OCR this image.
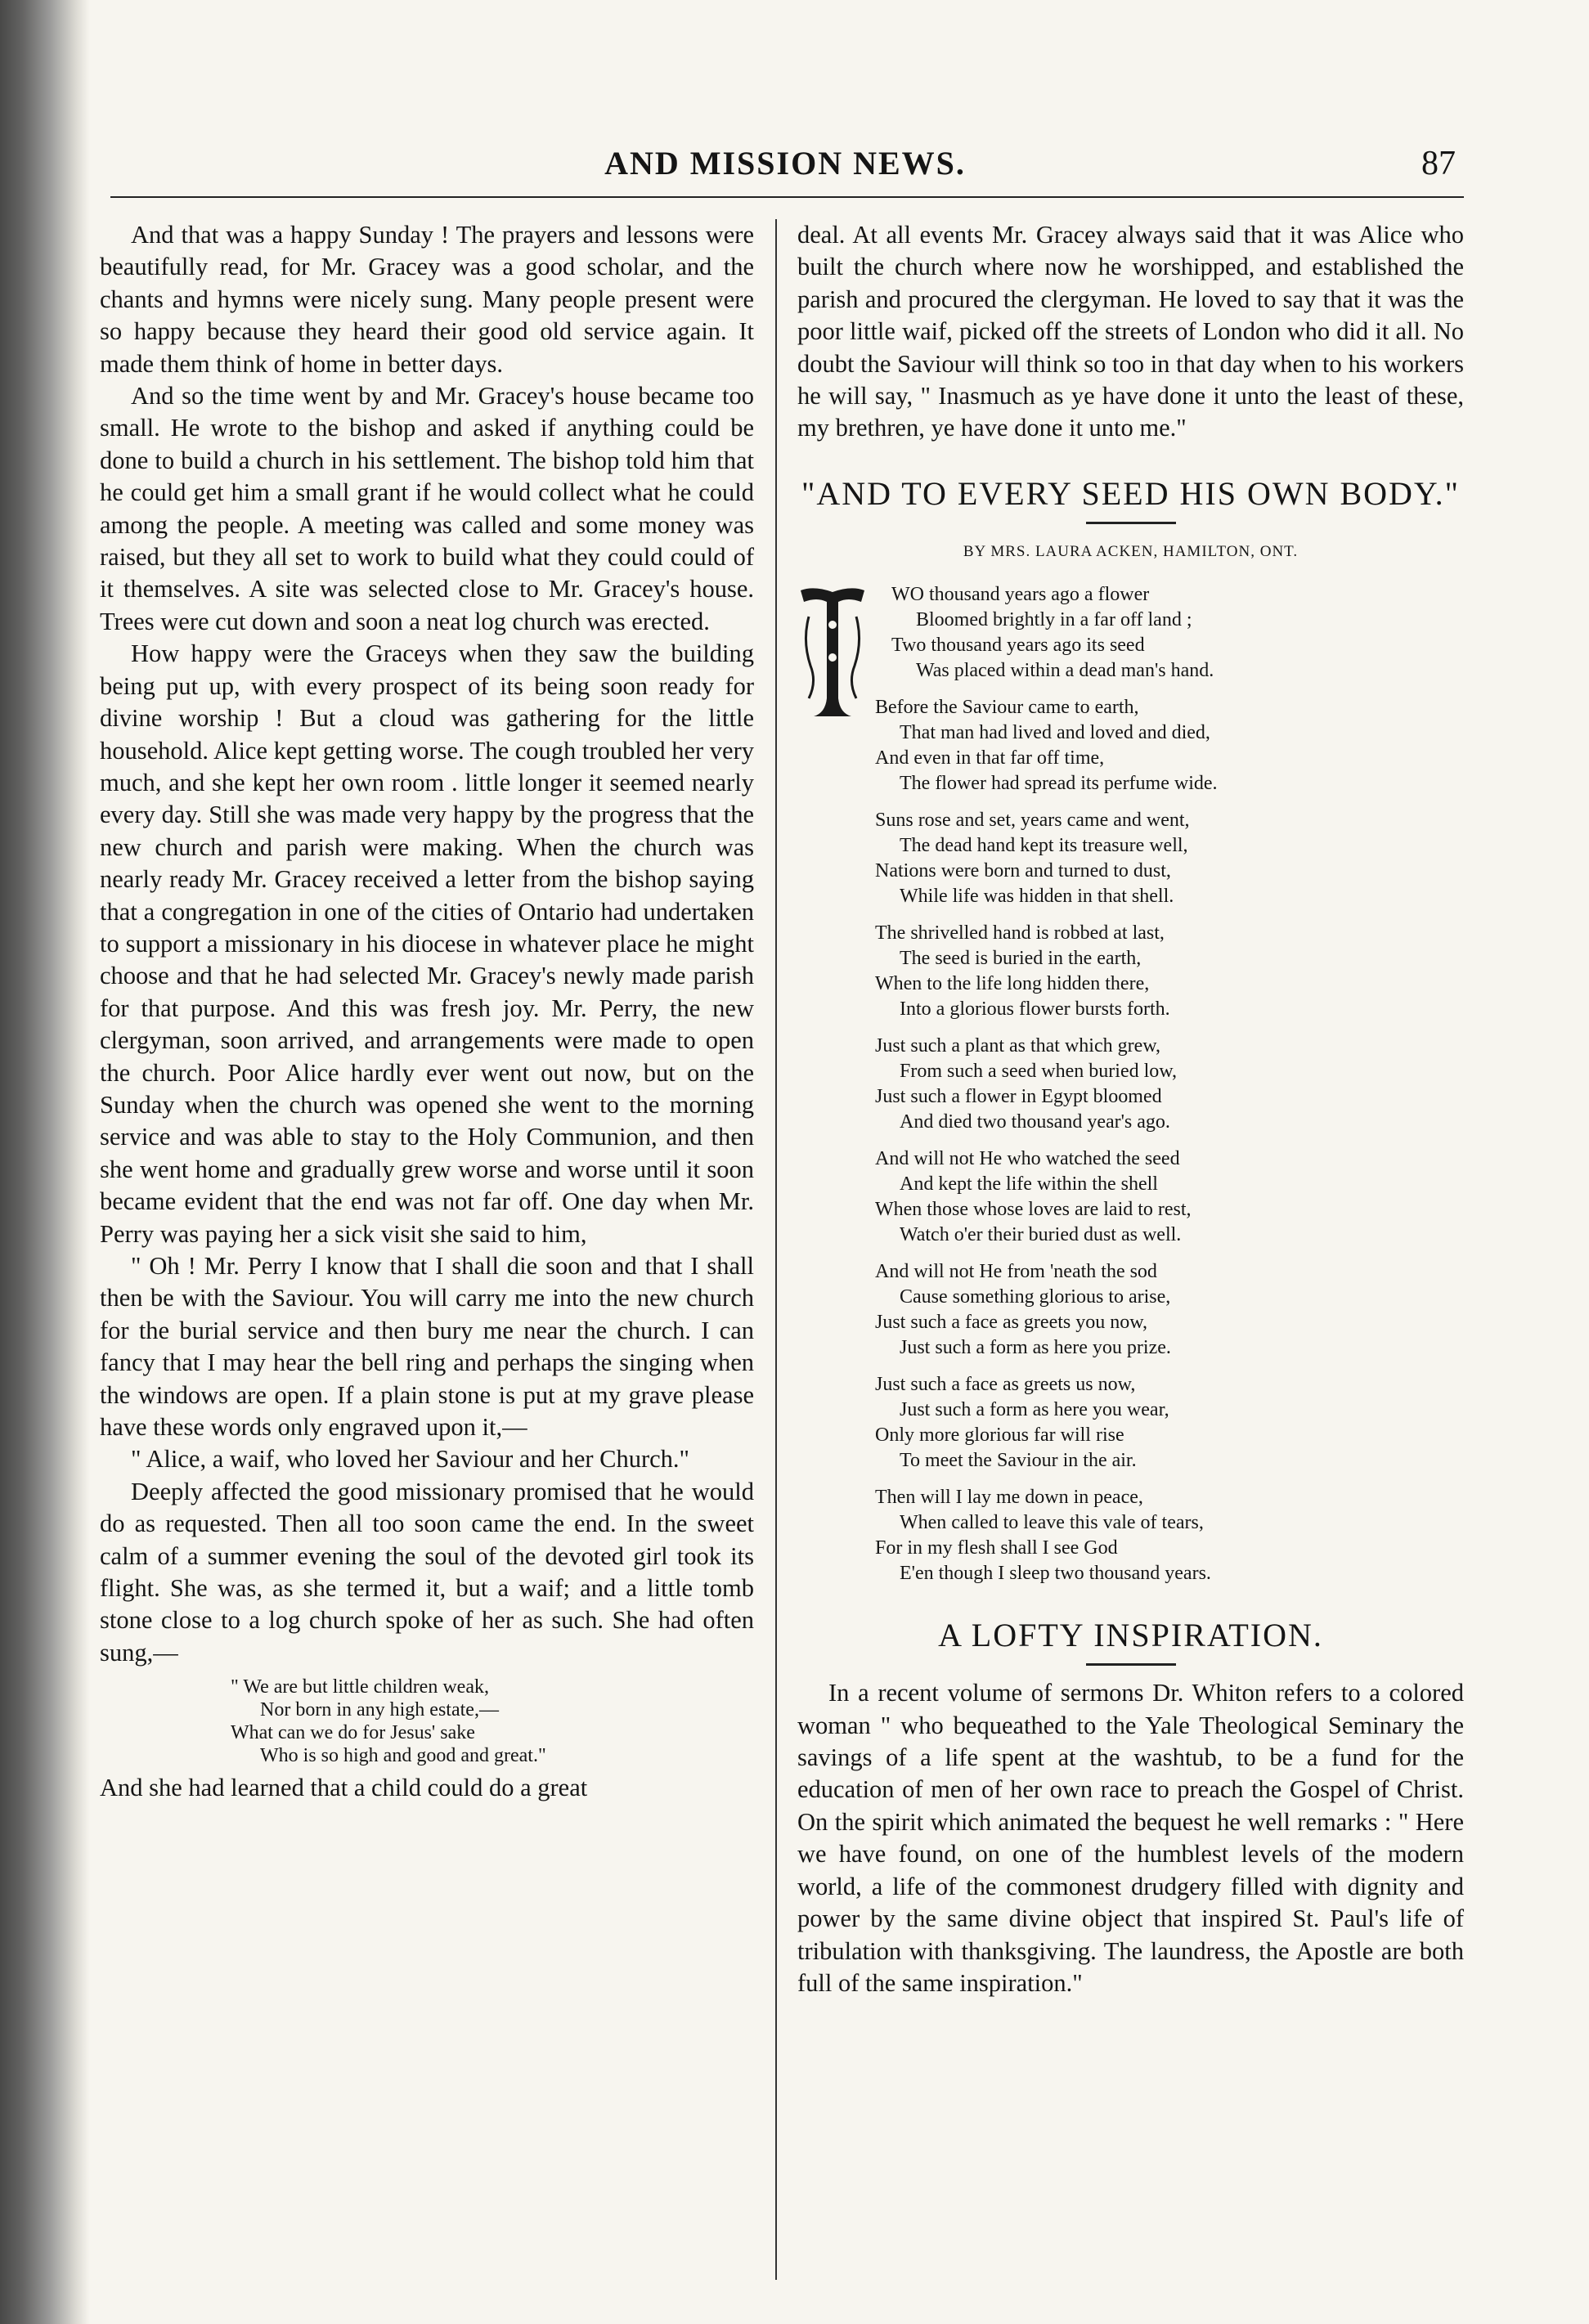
AND MISSION NEWS.	87

And that was a happy Sunday ! The prayers and lessons were beautifully read, for Mr. Gracey was a good scholar, and the chants and hymns were nicely sung. Many people present were so happy because they heard their good old service again. It made them think of home in better days.

And so the time went by and Mr. Gracey's house became too small. He wrote to the bishop and asked if anything could be done to build a church in his settlement. The bishop told him that he could get him a small grant if he would collect what he could among the people. A meeting was called and some money was raised, but they all set to work to build what they could could of it themselves. A site was selected close to Mr. Gracey's house. Trees were cut down and soon a neat log church was erected.

How happy were the Graceys when they saw the building being put up, with every prospect of its being soon ready for divine worship ! But a cloud was gathering for the little household. Alice kept getting worse. The cough troubled her very much, and she kept her own room . little longer it seemed nearly every day. Still she was made very happy by the progress that the new church and parish were making. When the church was nearly ready Mr. Gracey received a letter from the bishop saying that a congregation in one of the cities of Ontario had undertaken to support a missionary in his diocese in whatever place he might choose and that he had selected Mr. Gracey's newly made parish for that purpose. And this was fresh joy. Mr. Perry, the new clergyman, soon arrived, and arrangements were made to open the church. Poor Alice hardly ever went out now, but on the Sunday when the church was opened she went to the morning service and was able to stay to the Holy Communion, and then she went home and gradually grew worse and worse until it soon became evident that the end was not far off. One day when Mr. Perry was paying her a sick visit she said to him,

" Oh ! Mr. Perry I know that I shall die soon and that I shall then be with the Saviour. You will carry me into the new church for the burial service and then bury me near the church. I can fancy that I may hear the bell ring and perhaps the singing when the windows are open. If a plain stone is put at my grave please have these words only engraved upon it,—

" Alice, a waif, who loved her Saviour and her Church."

Deeply affected the good missionary promised that he would do as requested. Then all too soon came the end. In the sweet calm of a summer evening the soul of the devoted girl took its flight. She was, as she termed it, but a waif; and a little tomb stone close to a log church spoke of her as such. She had often sung,—

" We are but little children weak,
Nor born in any high estate,—
What can we do for Jesus' sake
Who is so high and good and great."

And she had learned that a child could do a great

deal. At all events Mr. Gracey always said that it was Alice who built the church where now he worshipped, and established the parish and procured the clergyman. He loved to say that it was the poor little waif, picked off the streets of London who did it all. No doubt the Saviour will think so too in that day when to his workers he will say, " Inasmuch as ye have done it unto the least of these, my brethren, ye have done it unto me."

"AND TO EVERY SEED HIS OWN BODY."
BY MRS. LAURA ACKEN, HAMILTON, ONT.
WO thousand years ago a flower
Bloomed brightly in a far off land ;
Two thousand years ago its seed
Was placed within a dead man's hand.
Before the Saviour came to earth,
That man had lived and loved and died,
And even in that far off time,
The flower had spread its perfume wide.
Suns rose and set, years came and went,
The dead hand kept its treasure well,
Nations were born and turned to dust,
While life was hidden in that shell.
The shrivelled hand is robbed at last,
The seed is buried in the earth,
When to the life long hidden there,
Into a glorious flower bursts forth.
Just such a plant as that which grew,
From such a seed when buried low,
Just such a flower in Egypt bloomed
And died two thousand year's ago.
And will not He who watched the seed
And kept the life within the shell
When those whose loves are laid to rest,
Watch o'er their buried dust as well.
And will not He from 'neath the sod
Cause something glorious to arise,
Just such a face as greets you now,
Just such a form as here you prize.
Just such a face as greets us now,
Just such a form as here you wear,
Only more glorious far will rise
To meet the Saviour in the air.
Then will I lay me down in peace,
When called to leave this vale of tears,
For in my flesh shall I see God
E'en though I sleep two thousand years.
A LOFTY INSPIRATION.

In a recent volume of sermons Dr. Whiton refers to a colored woman " who bequeathed to the Yale Theological Seminary the savings of a life spent at the washtub, to be a fund for the education of men of her own race to preach the Gospel of Christ. On the spirit which animated the bequest he well remarks : " Here we have found, on one of the humblest levels of the modern world, a life of the commonest drudgery filled with dignity and power by the same divine object that inspired St. Paul's life of tribulation with thanksgiving. The laundress, the Apostle are both full of the same inspiration."
